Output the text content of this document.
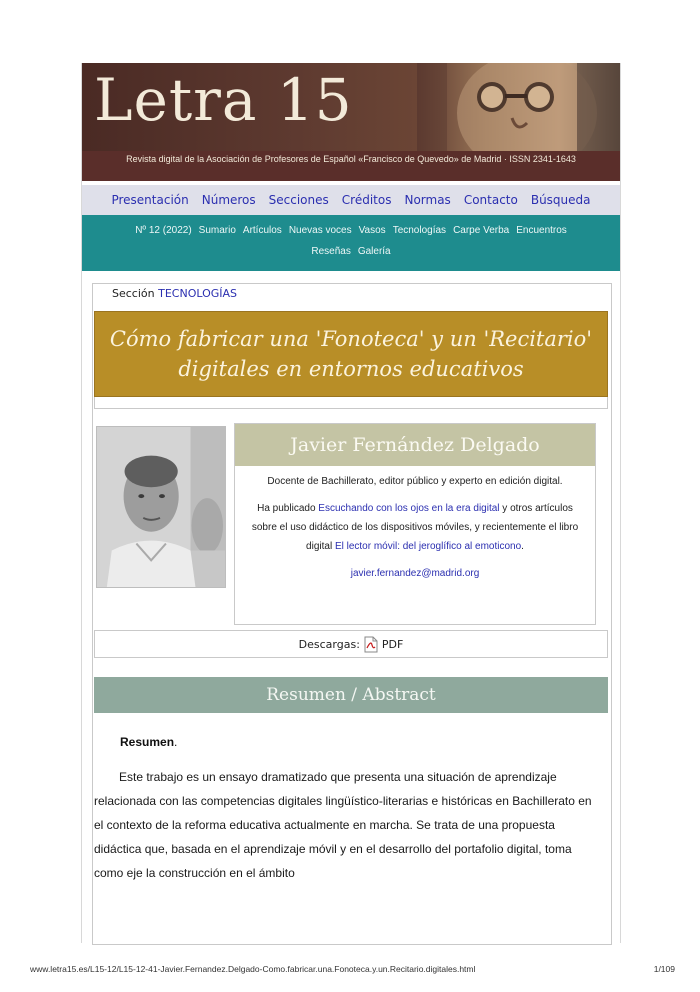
Letra 15
Revista digital de la Asociación de Profesores de Español «Francisco de Quevedo» de Madrid · ISSN 2341-1643
Presentación Números Secciones Créditos Normas Contacto Búsqueda
Nº 12 (2022) Sumario Artículos Nuevas voces Vasos Tecnologías Carpe Verba Encuentros
Reseñas Galería
Sección TECNOLOGÍAS
Cómo fabricar una 'Fonoteca' y un 'Recitario'
digitales en entornos educativos
Javier Fernández Delgado

Docente de Bachillerato, editor público y experto en edición digital.

Ha publicado Escuchando con los ojos en la era digital y otros artículos sobre el uso didáctico de los dispositivos móviles, y recientemente el libro digital El lector móvil: del jeroglífico al emoticono.

javier.fernandez@madrid.org

Descargas: PDF
Resumen / Abstract
Resumen.

Este trabajo es un ensayo dramatizado que presenta una situación de aprendizaje relacionada con las competencias digitales lingüístico-literarias e históricas en Bachillerato en el contexto de la reforma educativa actualmente en marcha. Se trata de una propuesta didáctica que, basada en el aprendizaje móvil y en el desarrollo del portafolio digital, toma como eje la construcción en el ámbito

www.letra15.es/L15-12/L15-12-41-Javier.Fernandez.Delgado-Como.fabricar.una.Fonoteca.y.un.Recitario.digitales.html	1/109
